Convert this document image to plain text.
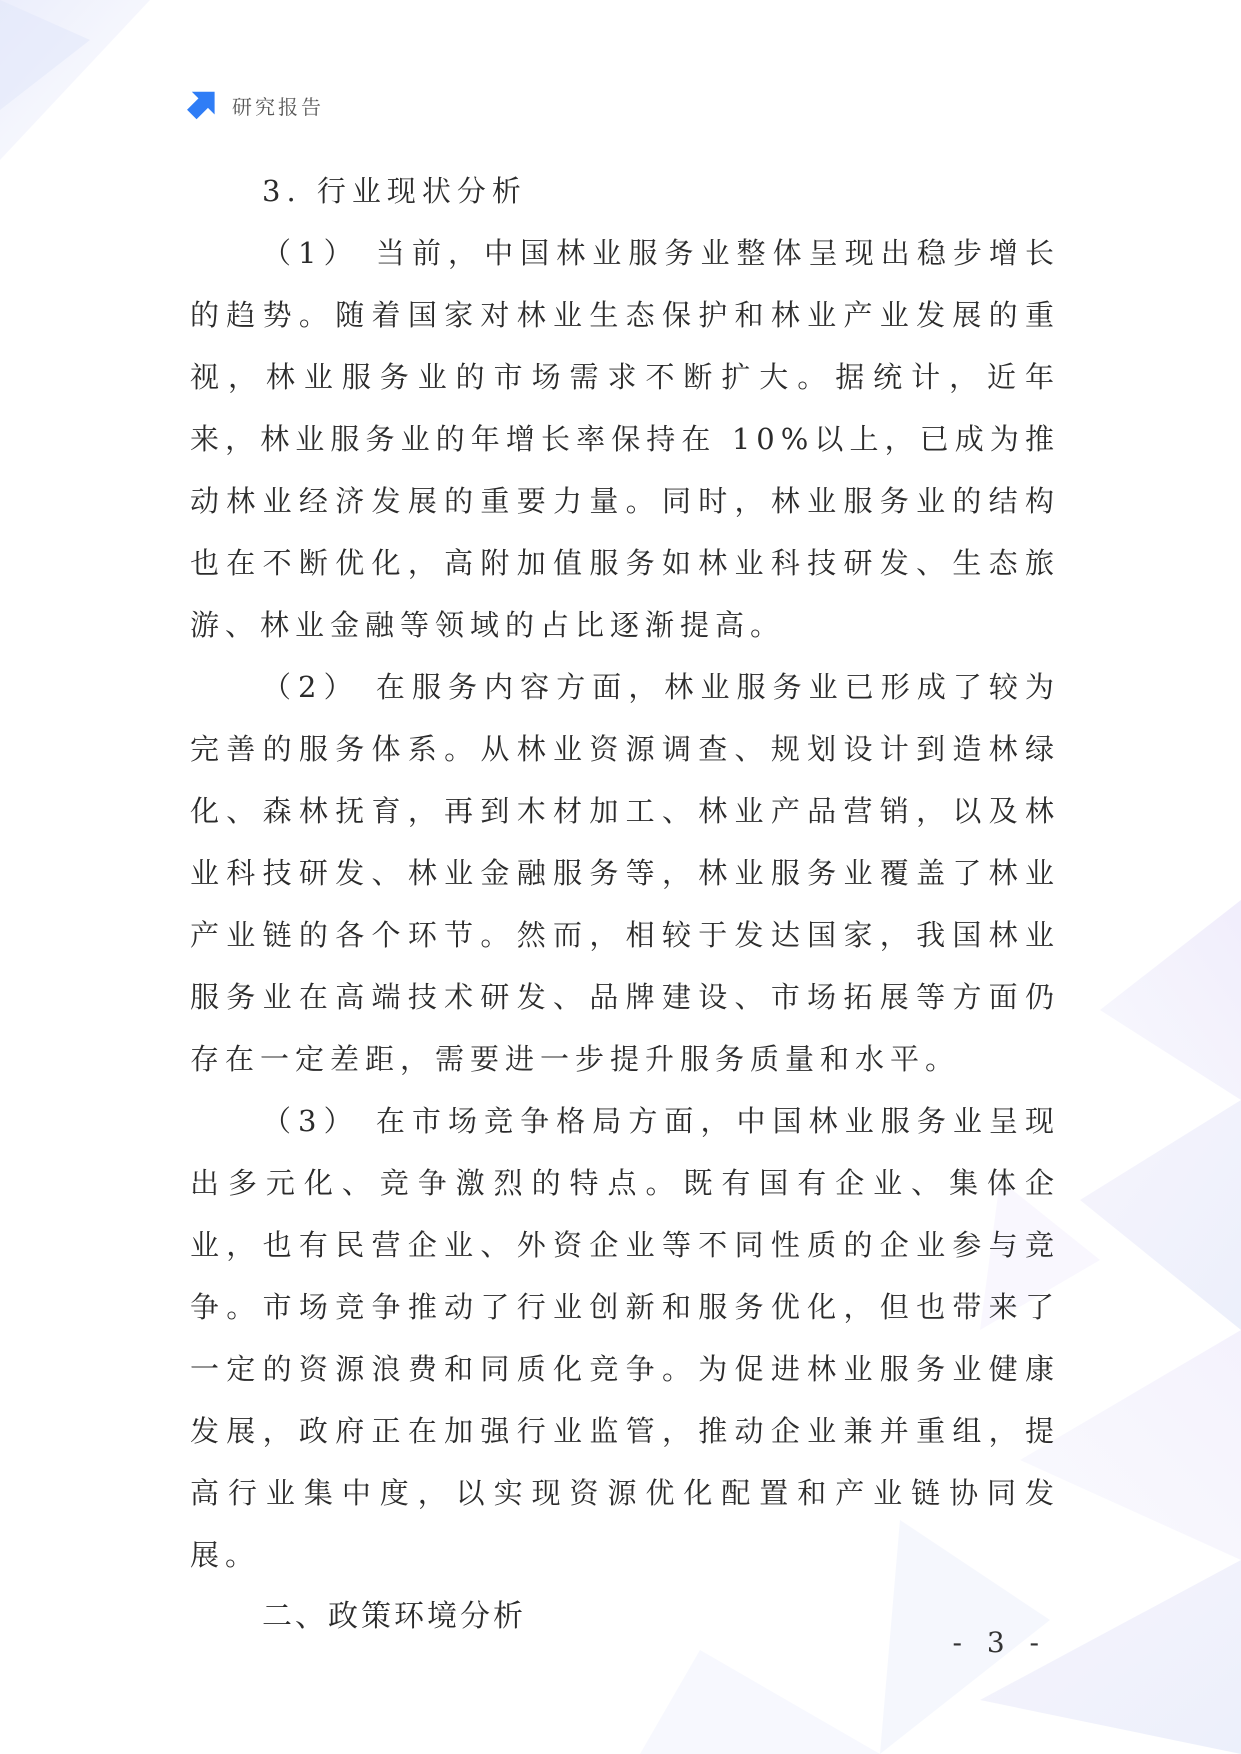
研究报告

3. 行业现状分析

（1） 当前，中国林业服务业整体呈现出稳步增长的趋势。随着国家对林业生态保护和林业产业发展的重视，林业服务业的市场需求不断扩大。据统计，近年来，林业服务业的年增长率保持在 10%以上，已成为推动林业经济发展的重要力量。同时，林业服务业的结构也在不断优化，高附加值服务如林业科技研发、生态旅游、林业金融等领域的占比逐渐提高。

（2） 在服务内容方面，林业服务业已形成了较为完善的服务体系。从林业资源调查、规划设计到造林绿化、森林抚育，再到木材加工、林业产品营销，以及林业科技研发、林业金融服务等，林业服务业覆盖了林业产业链的各个环节。然而，相较于发达国家，我国林业服务业在高端技术研发、品牌建设、市场拓展等方面仍存在一定差距，需要进一步提升服务质量和水平。

（3） 在市场竞争格局方面，中国林业服务业呈现出多元化、竞争激烈的特点。既有国有企业、集体企业，也有民营企业、外资企业等不同性质的企业参与竞争。市场竞争推动了行业创新和服务优化，但也带来了一定的资源浪费和同质化竞争。为促进林业服务业健康发展，政府正在加强行业监管，推动企业兼并重组，提高行业集中度，以实现资源优化配置和产业链协同发展。

二、政策环境分析

- 3 -
